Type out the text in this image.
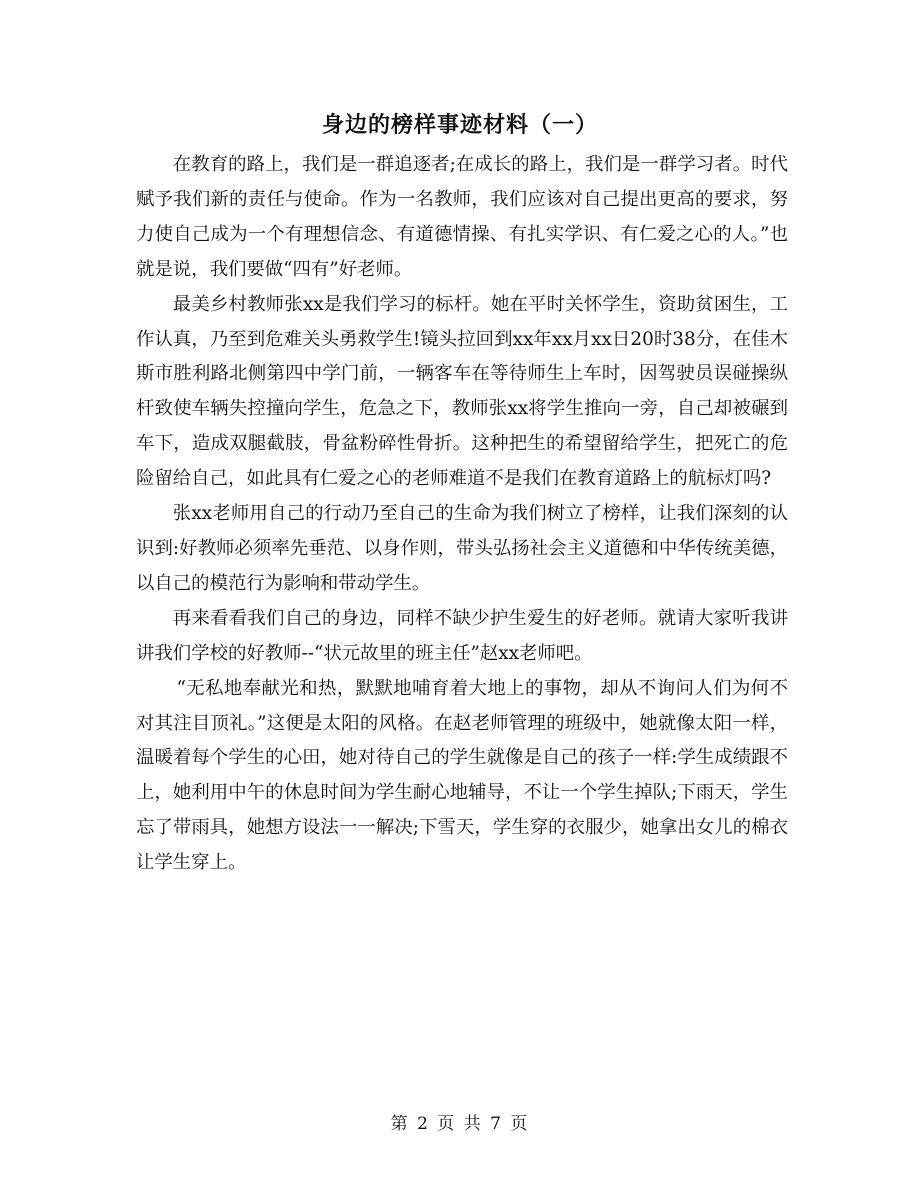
身边的榜样事迹材料（一）

在教育的路上，我们是一群追逐者;在成长的路上，我们是一群学习者。时代赋予我们新的责任与使命。作为一名教师，我们应该对自己提出更高的要求，努力使自己成为一个有理想信念、有道德情操、有扎实学识、有仁爱之心的人。”也就是说，我们要做“四有”好老师。

最美乡村教师张xx是我们学习的标杆。她在平时关怀学生，资助贫困生，工作认真，乃至到危难关头勇救学生!镜头拉回到xx年xx月xx日20时38分，在佳木斯市胜利路北侧第四中学门前，一辆客车在等待师生上车时，因驾驶员误碰操纵杆致使车辆失控撞向学生，危急之下，教师张xx将学生推向一旁，自己却被碾到车下，造成双腿截肢，骨盆粉碎性骨折。这种把生的希望留给学生，把死亡的危险留给自己，如此具有仁爱之心的老师难道不是我们在教育道路上的航标灯吗?

张xx老师用自己的行动乃至自己的生命为我们树立了榜样，让我们深刻的认识到:好教师必须率先垂范、以身作则，带头弘扬社会主义道德和中华传统美德，以自己的模范行为影响和带动学生。

再来看看我们自己的身边，同样不缺少护生爱生的好老师。就请大家听我讲讲我们学校的好教师--“状元故里的班主任”赵xx老师吧。

“无私地奉献光和热，默默地哺育着大地上的事物，却从不询问人们为何不对其注目顶礼。”这便是太阳的风格。在赵老师管理的班级中，她就像太阳一样，温暖着每个学生的心田，她对待自己的学生就像是自己的孩子一样:学生成绩跟不上，她利用中午的休息时间为学生耐心地辅导，不让一个学生掉队;下雨天，学生忘了带雨具，她想方设法一一解决;下雪天，学生穿的衣服少，她拿出女儿的棉衣让学生穿上。

第 2 页 共 7 页
